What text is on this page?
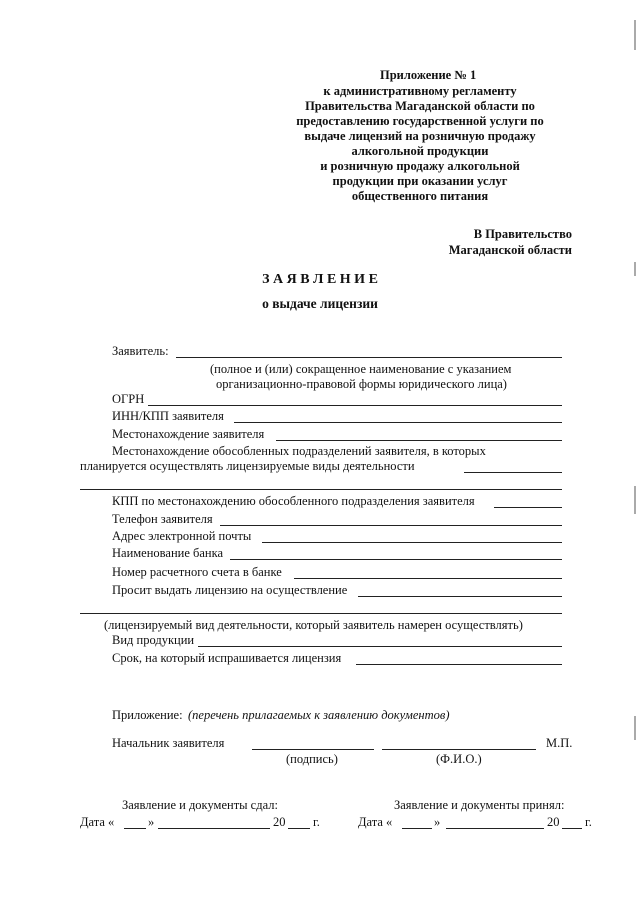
Приложение № 1
к административному регламенту
Правительства Магаданской области по
предоставлению государственной услуги по
выдаче лицензий на розничную продажу
алкогольной продукции
и розничную продажу алкогольной
продукции при оказании услуг
общественного питания
В Правительство
Магаданской области
З А Я В Л Е Н И Е
о выдаче лицензии
Заявитель:
(полное и (или) сокращенное наименование с указанием
организационно-правовой формы юридического лица)
ОГРН
ИНН/КПП заявителя
Местонахождение заявителя
Местонахождение обособленных подразделений заявителя, в которых
планируется осуществлять лицензируемые виды деятельности
КПП по местонахождению обособленного подразделения заявителя
Телефон заявителя
Адрес электронной почты
Наименование банка
Номер расчетного счета в банке
Просит выдать лицензию на осуществление
(лицензируемый вид деятельности, который заявитель намерен осуществлять)
Вид продукции
Срок, на который испрашивается лицензия
Приложение: (перечень прилагаемых к заявлению документов)
Начальник заявителя	М.П.
(подпись)	(Ф.И.О.)
Заявление и документы сдал:
Дата «	»	20 г.
Заявление и документы принял:
Дата «	»	20 г.
